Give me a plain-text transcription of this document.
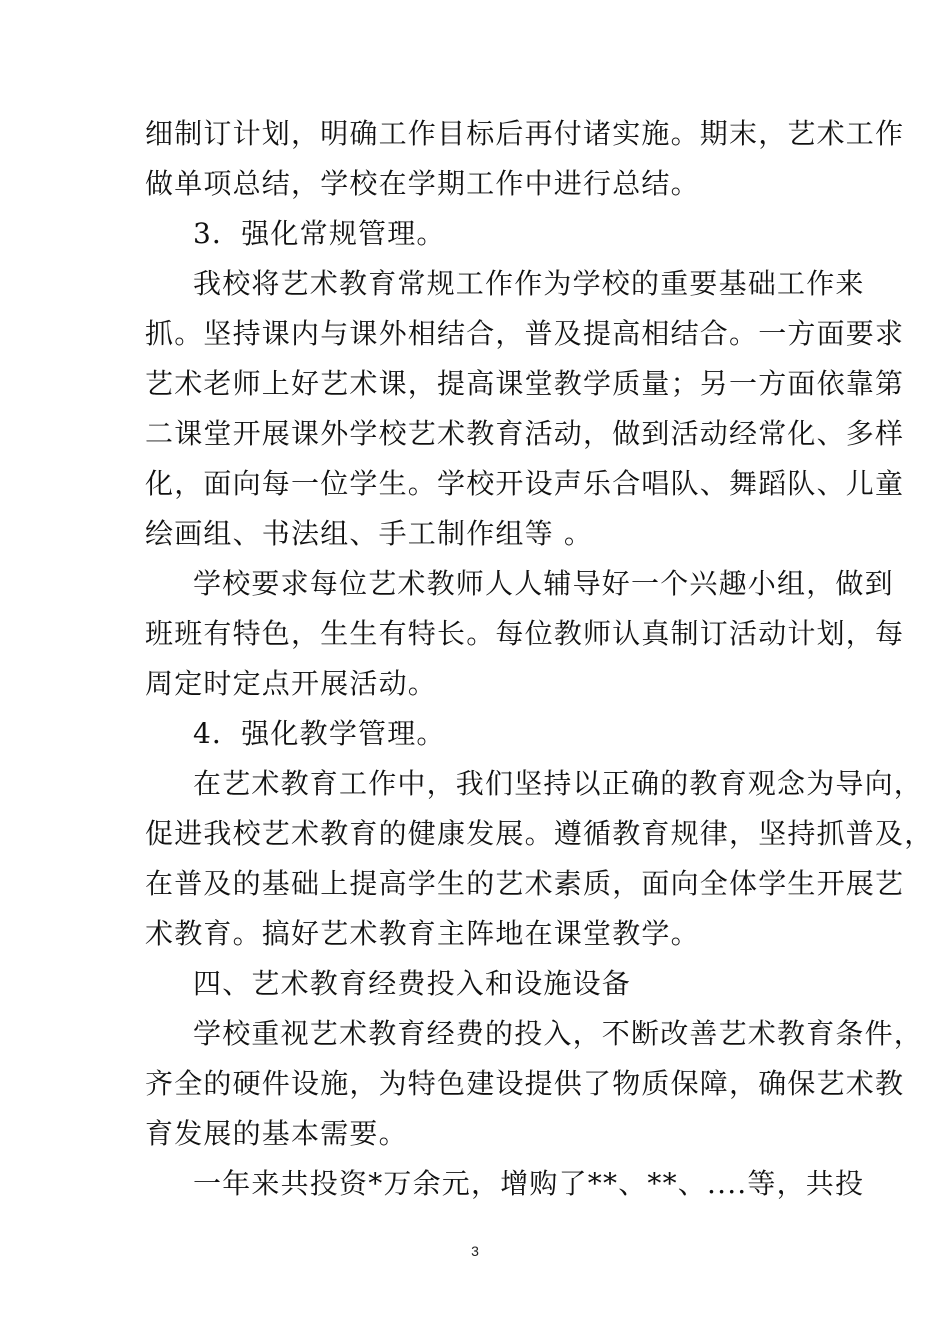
细制订计划，明确工作目标后再付诸实施。期末，艺术工作
做单项总结，学校在学期工作中进行总结。
3．强化常规管理。
我校将艺术教育常规工作作为学校的重要基础工作来
抓。坚持课内与课外相结合，普及提高相结合。一方面要求
艺术老师上好艺术课，提高课堂教学质量；另一方面依靠第
二课堂开展课外学校艺术教育活动，做到活动经常化、多样
化，面向每一位学生。学校开设声乐合唱队、舞蹈队、儿童
绘画组、书法组、手工制作组等 。
学校要求每位艺术教师人人辅导好一个兴趣小组，做到
班班有特色，生生有特长。每位教师认真制订活动计划，每
周定时定点开展活动。
4．强化教学管理。
在艺术教育工作中，我们坚持以正确的教育观念为导向，
促进我校艺术教育的健康发展。遵循教育规律，坚持抓普及，
在普及的基础上提高学生的艺术素质，面向全体学生开展艺
术教育。搞好艺术教育主阵地在课堂教学。
四、艺术教育经费投入和设施设备
学校重视艺术教育经费的投入，不断改善艺术教育条件，
齐全的硬件设施，为特色建设提供了物质保障，确保艺术教
育发展的基本需要。
一年来共投资*万余元，增购了**、**、....等，共投
3
